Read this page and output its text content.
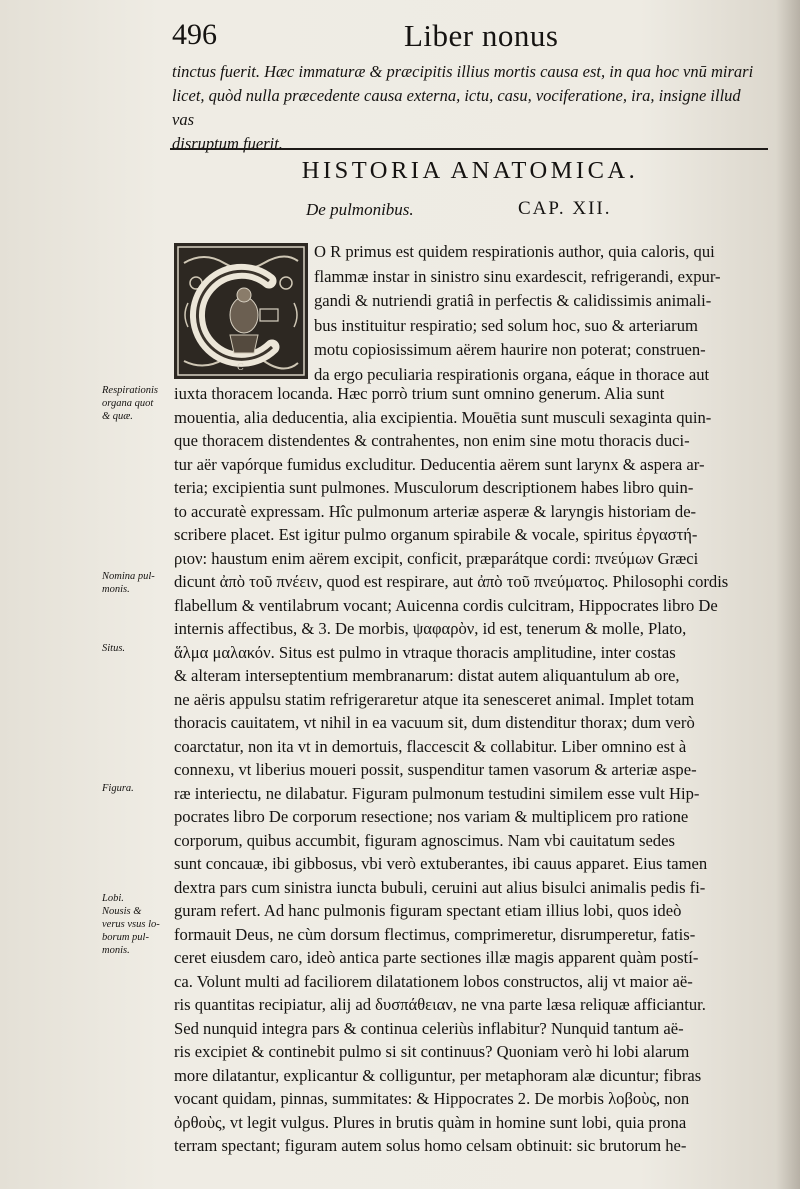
496	Liber nonus
tinctus fuerit. Hæc immaturæ & præcipitis illius mortis causa est, in qua hoc vnū mirari
licet, quòd nulla præcedente causa externa, ictu, casu, vociferatione, ira, insigne illud vas
disruptum fuerit.
HISTORIA ANATOMICA.
De pulmonibus.	CAP. XII.
C
O R primus est quidem respirationis author, quia caloris, qui
flammæ instar in sinistro sinu exardescit, refrigerandi, expur-
gandi & nutriendi gratiâ in perfectis & calidissimis animali-
bus instituitur respiratio; sed solum hoc, suo & arteriarum
motu copiosissimum aërem haurire non poterat; construen-
da ergo peculiaria respirationis organa, eáque in thorace aut
iuxta thoracem locanda. Hæc porrò trium sunt omnino generum. Alia sunt
mouentia, alia deducentia, alia excipientia. Mouētia sunt musculi sexaginta quin-
que thoracem distendentes & contrahentes, non enim sine motu thoracis duci-
tur aër vapórque fumidus excluditur. Deducentia aërem sunt larynx & aspera ar-
teria; excipientia sunt pulmones. Musculorum descriptionem habes libro quin-
to accuratè expressam. Hîc pulmonum arteriæ asperæ & laryngis historiam de-
scribere placet. Est igitur pulmo organum spirabile & vocale, spiritus ἐργαστή-
ριον: haustum enim aërem excipit, conficit, præparátque cordi: πνεύμων Græci
dicunt ἀπὸ τοῦ πνέειν, quod est respirare, aut ἀπὸ τοῦ πνεύματος. Philosophi cordis
flabellum & ventilabrum vocant; Auicenna cordis culcitram, Hippocrates libro De
internis affectibus, & 3. De morbis, ψαφαρὸν, id est, tenerum & molle, Plato,
ἅλμα μαλακόν. Situs est pulmo in vtraque thoracis amplitudine, inter costas
& alteram interseptentium membranarum: distat autem aliquantulum ab ore,
ne aëris appulsu statim refrigeraretur atque ita senesceret animal. Implet totam
thoracis cauitatem, vt nihil in ea vacuum sit, dum distenditur thorax; dum verò
coarctatur, non ita vt in demortuis, flaccescit & collabitur. Liber omnino est à
connexu, vt liberius moueri possit, suspenditur tamen vasorum & arteriæ aspe-
ræ interiectu, ne dilabatur. Figuram pulmonum testudini similem esse vult Hip-
pocrates libro De corporum resectione; nos variam & multiplicem pro ratione
corporum, quibus accumbit, figuram agnoscimus. Nam vbi cauitatum sedes
sunt concauæ, ibi gibbosus, vbi verò extuberantes, ibi cauus apparet. Eius tamen
dextra pars cum sinistra iuncta bubuli, ceruini aut alius bisulci animalis pedis fi-
guram refert. Ad hanc pulmonis figuram spectant etiam illius lobi, quos ideò
formauit Deus, ne cùm dorsum flectimus, comprimeretur, disrumperetur, fatis-
ceret eiusdem caro, ideò antica parte sectiones illæ magis apparent quàm postí-
ca. Volunt multi ad faciliorem dilatationem lobos constructos, alij vt maior aë-
ris quantitas recipiatur, alij ad δυσπάθειαν, ne vna parte læsa reliquæ afficiantur.
Sed nunquid integra pars & continua celeriùs inflabitur? Nunquid tantum aë-
ris excipiet & continebit pulmo si sit continuus? Quoniam verò hi lobi alarum
more dilatantur, explicantur & colliguntur, per metaphoram alæ dicuntur; fibras
vocant quidam, pinnas, summitates: & Hippocrates 2. De morbis λοβοὺς, non
ὀρθοὺς, vt legit vulgus. Plures in brutis quàm in homine sunt lobi, quia prona
terram spectant; figuram autem solus homo celsam obtinuit: sic brutorum he-
Respirationis
organa quot
& quæ.
Nomina pul-
monis.
Situs.
Figura.
Lobi.
Nousis &
verus vsus lo-
borum pul-
monis.
